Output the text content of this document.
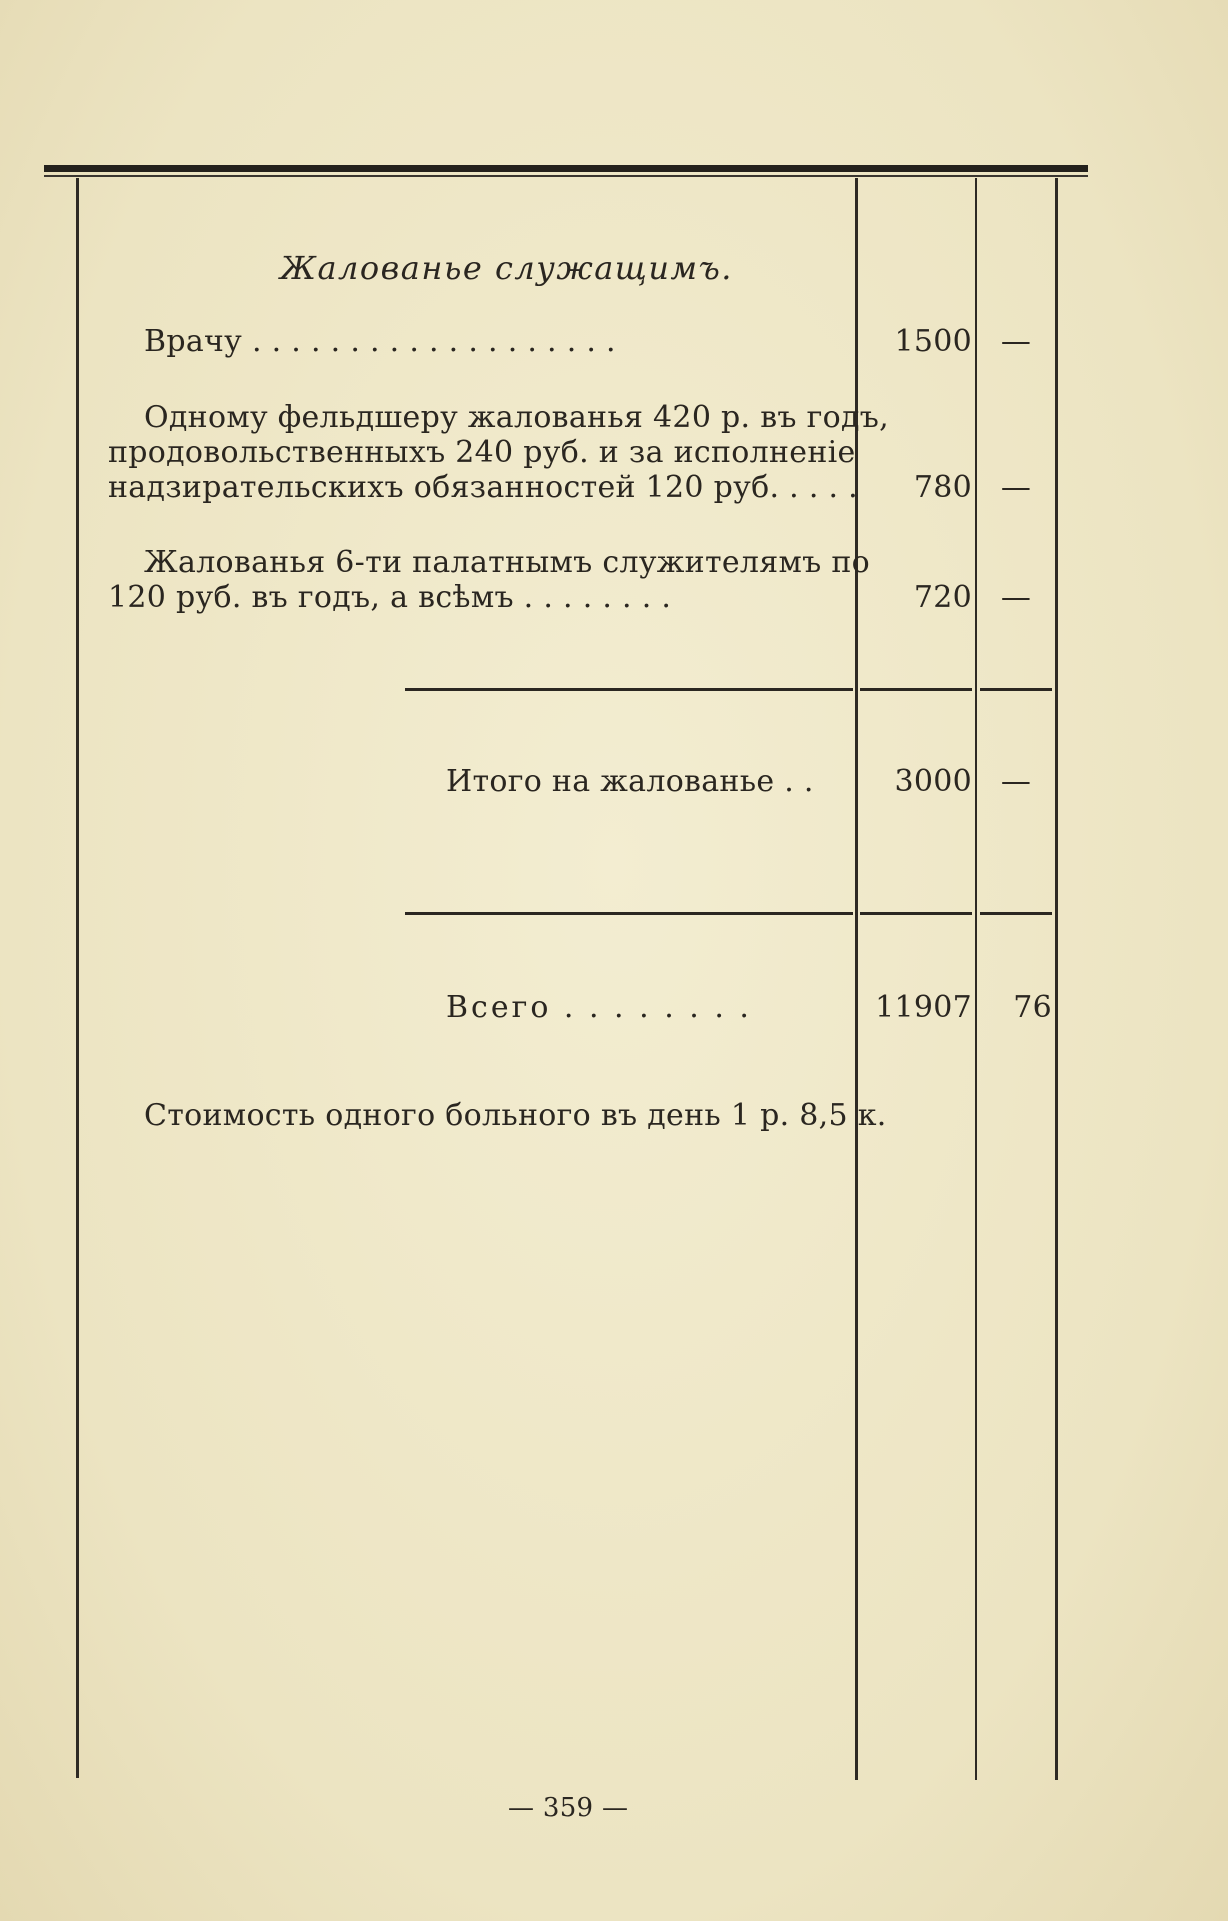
Жалованье служащимъ.
Врачу . . . . . . . . . . . . . . . . . . .	1500 —
Одному фельдшеру жалованья 420 р. въ годъ,
продовольственныхъ 240 руб. и за исполненіе
надзирательскихъ обязанностей 120 руб. . . . .	780 —
Жалованья 6-ти палатнымъ служителямъ по
120 руб. въ годъ, а всѣмъ . . . . . . . .	720 —
Итого на жалованье . .	3000 —
Всего . . . . . . . .	11907	76
Стоимость одного больного въ день 1 р. 8,5 к.
— 359 —
